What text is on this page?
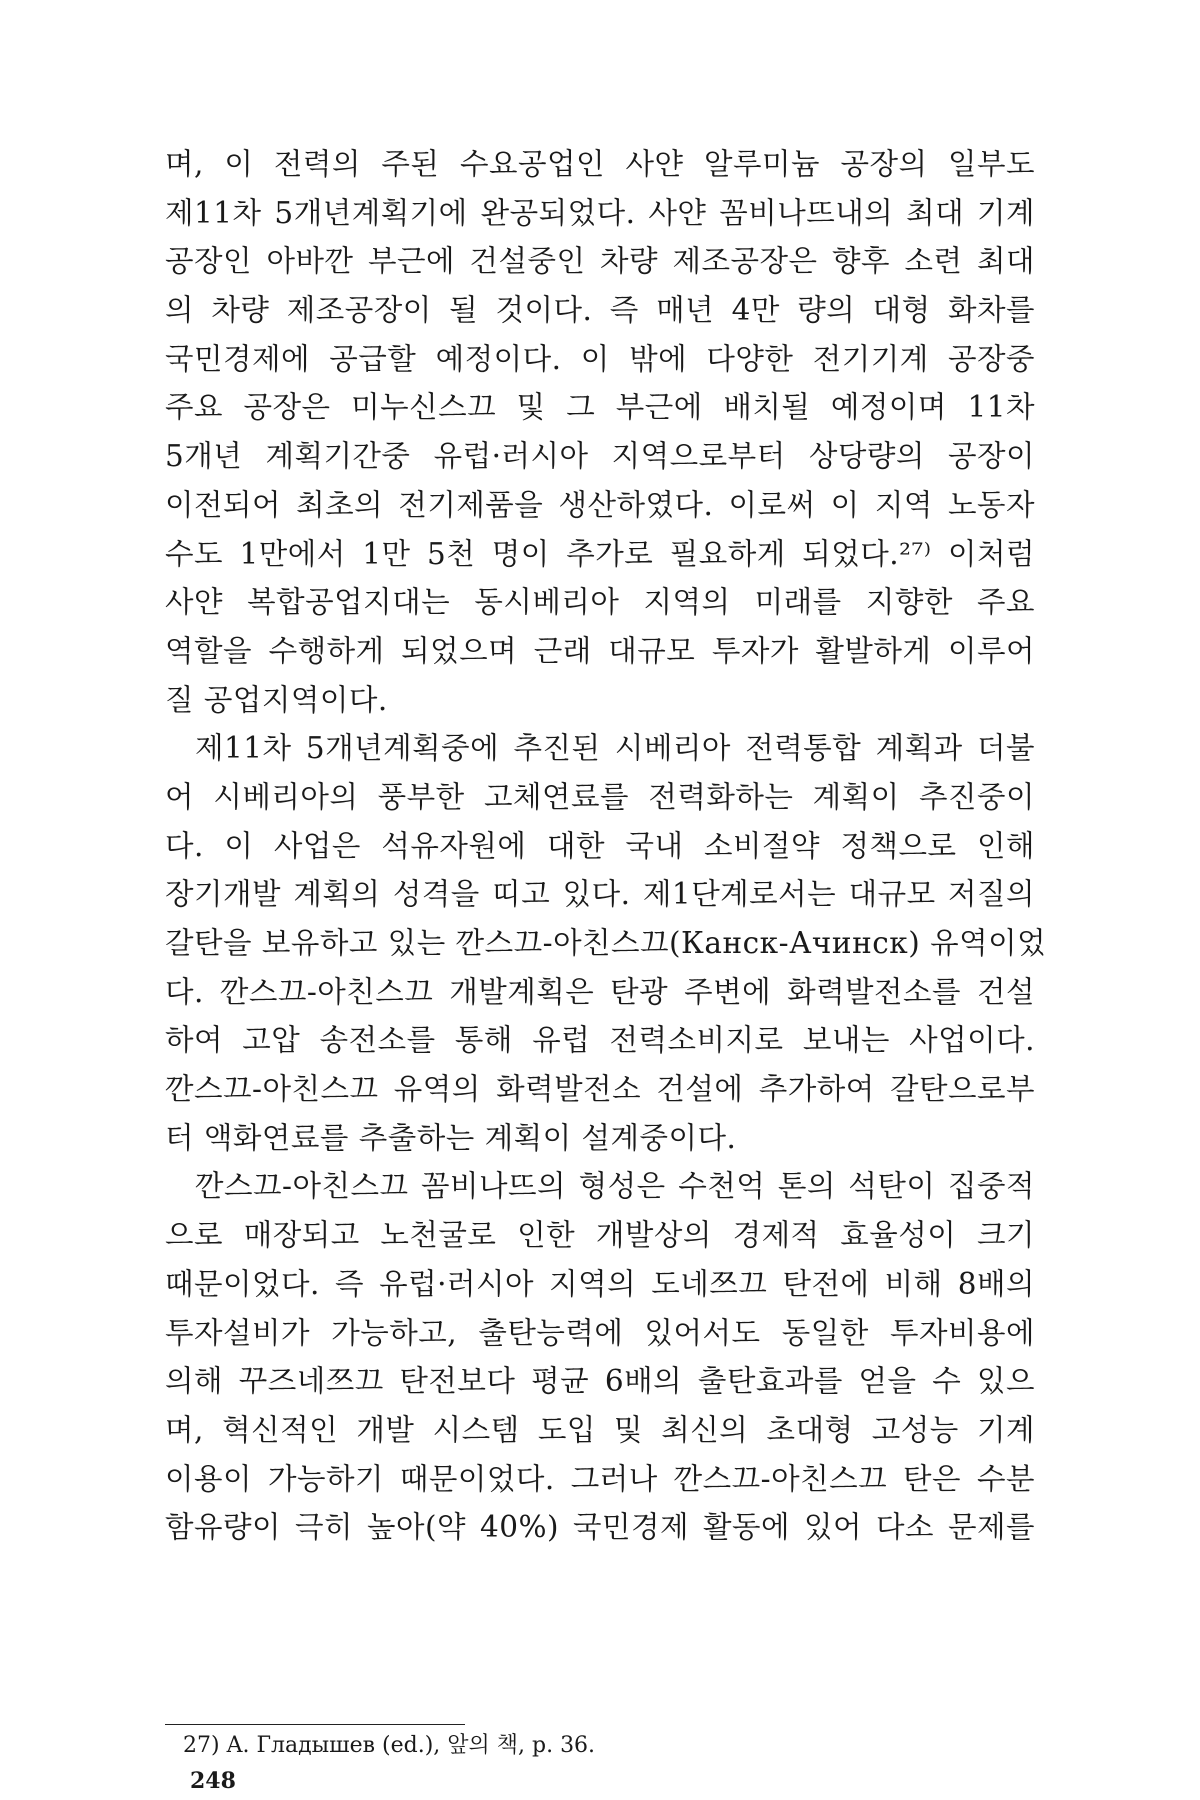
며, 이 전력의 주된 수요공업인 사얀 알루미늄 공장의 일부도
제11차 5개년계획기에 완공되었다. 사얀 꼼비나뜨내의 최대 기계
공장인 아바깐 부근에 건설중인 차량 제조공장은 향후 소련 최대
의 차량 제조공장이 될 것이다. 즉 매년 4만 량의 대형 화차를
국민경제에 공급할 예정이다. 이 밖에 다양한 전기기계 공장중
주요 공장은 미누신스끄 및 그 부근에 배치될 예정이며 11차
5개년 계획기간중 유럽·러시아 지역으로부터 상당량의 공장이
이전되어 최초의 전기제품을 생산하였다. 이로써 이 지역 노동자
수도 1만에서 1만 5천 명이 추가로 필요하게 되었다.²⁷⁾ 이처럼
사얀 복합공업지대는 동시베리아 지역의 미래를 지향한 주요
역할을 수행하게 되었으며 근래 대규모 투자가 활발하게 이루어
질 공업지역이다.
제11차 5개년계획중에 추진된 시베리아 전력통합 계획과 더불
어 시베리아의 풍부한 고체연료를 전력화하는 계획이 추진중이
다. 이 사업은 석유자원에 대한 국내 소비절약 정책으로 인해
장기개발 계획의 성격을 띠고 있다. 제1단계로서는 대규모 저질의
갈탄을 보유하고 있는 깐스끄-아친스끄(Канск-Ачинск) 유역이었
다. 깐스끄-아친스끄 개발계획은 탄광 주변에 화력발전소를 건설
하여 고압 송전소를 통해 유럽 전력소비지로 보내는 사업이다.
깐스끄-아친스끄 유역의 화력발전소 건설에 추가하여 갈탄으로부
터 액화연료를 추출하는 계획이 설계중이다.
깐스끄-아친스끄 꼼비나뜨의 형성은 수천억 톤의 석탄이 집중적
으로 매장되고 노천굴로 인한 개발상의 경제적 효율성이 크기
때문이었다. 즉 유럽·러시아 지역의 도네쯔끄 탄전에 비해 8배의
투자설비가 가능하고, 출탄능력에 있어서도 동일한 투자비용에
의해 꾸즈네쯔끄 탄전보다 평균 6배의 출탄효과를 얻을 수 있으
며, 혁신적인 개발 시스템 도입 및 최신의 초대형 고성능 기계
이용이 가능하기 때문이었다. 그러나 깐스끄-아친스끄 탄은 수분
함유량이 극히 높아(약 40%) 국민경제 활동에 있어 다소 문제를
27) A. Гладышев (ed.), 앞의 책, p. 36.
248
